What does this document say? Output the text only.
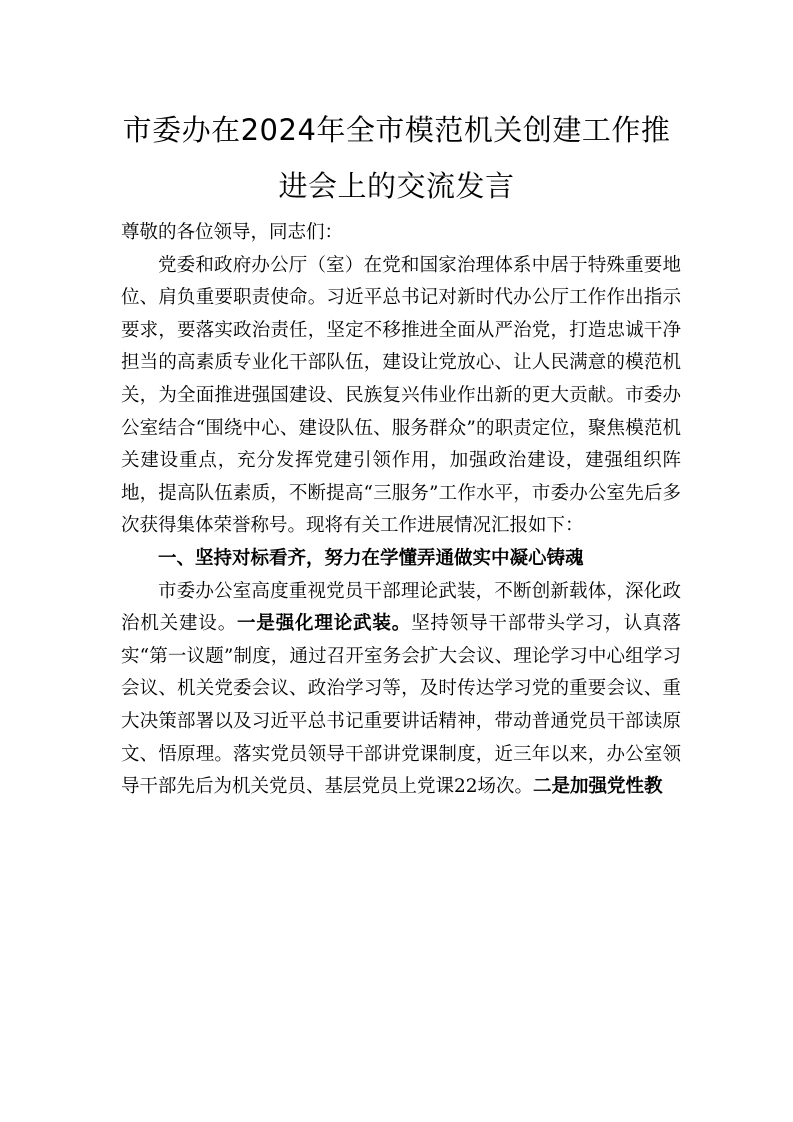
市委办在2024年全市模范机关创建工作推
进会上的交流发言

尊敬的各位领导，同志们：

党委和政府办公厅（室）在党和国家治理体系中居于特殊重要地位、肩负重要职责使命。习近平总书记对新时代办公厅工作作出指示要求，要落实政治责任，坚定不移推进全面从严治党，打造忠诚干净担当的高素质专业化干部队伍，建设让党放心、让人民满意的模范机关，为全面推进强国建设、民族复兴伟业作出新的更大贡献。市委办公室结合“围绕中心、建设队伍、服务群众”的职责定位，聚焦模范机关建设重点，充分发挥党建引领作用，加强政治建设，建强组织阵地，提高队伍素质，不断提高“三服务”工作水平，市委办公室先后多次获得集体荣誉称号。现将有关工作进展情况汇报如下：

一、坚持对标看齐，努力在学懂弄通做实中凝心铸魂

市委办公室高度重视党员干部理论武装，不断创新载体，深化政治机关建设。一是强化理论武装。坚持领导干部带头学习，认真落实“第一议题”制度，通过召开室务会扩大会议、理论学习中心组学习会议、机关党委会议、政治学习等，及时传达学习党的重要会议、重大决策部署以及习近平总书记重要讲话精神，带动普通党员干部读原文、悟原理。落实党员领导干部讲党课制度，近三年以来，办公室领导干部先后为机关党员、基层党员上党课22场次。二是加强党性教
